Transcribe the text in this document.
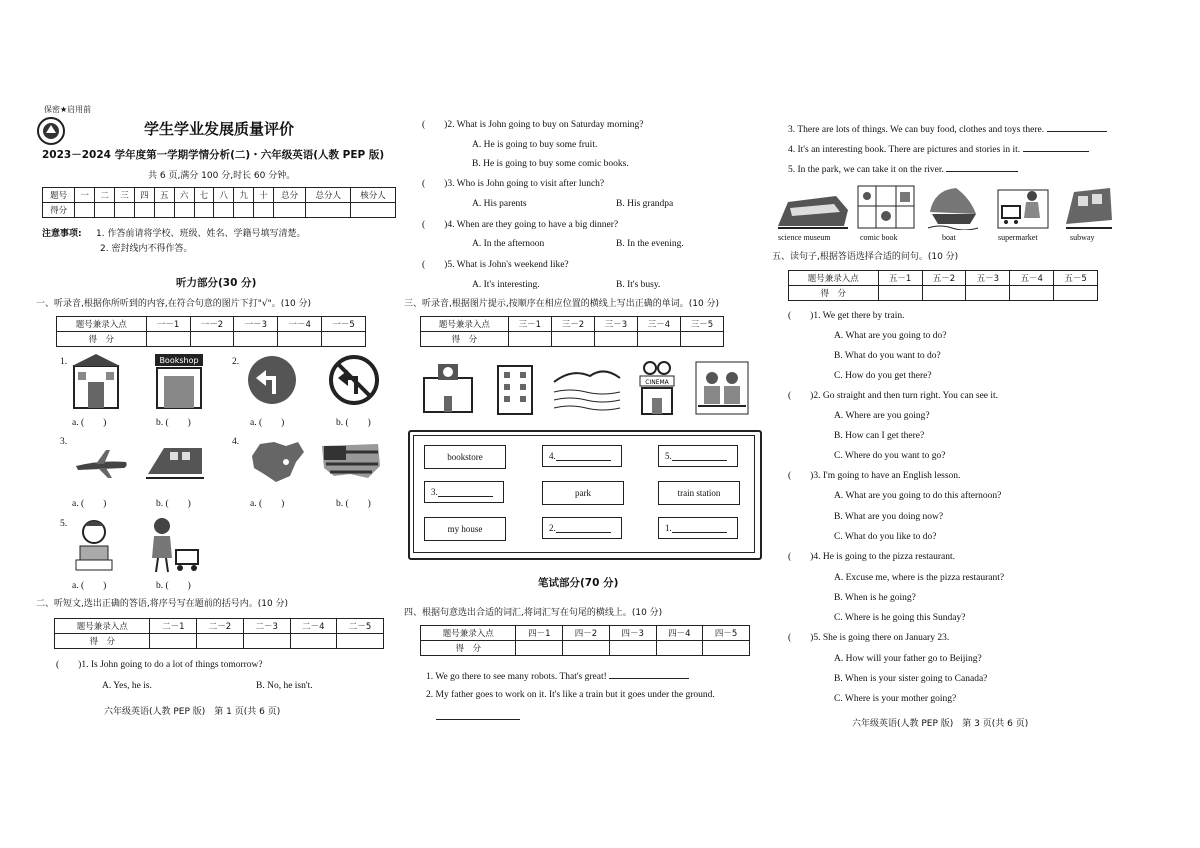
保密★启用前
学生学业发展质量评价
2023－2024 学年度第一学期学情分析(二)・六年级英语(人教 PEP 版)
共 6 页,满分 100 分,时长 60 分钟。
题号	一	二	三	四	五	六	七	八	九	十	总分	总分人	核分人
得分													
注意事项: 1. 作答前请将学校、班级、姓名、学籍号填写清楚。
2. 密封线内不得作答。
听力部分(30 分)
一、听录音,根据你所听到的内容,在符合句意的图片下打"√"。(10 分)
题号兼录入点	一－1	一－2	一－3	一－4	一－5
得　分					
1.	Bookshop	2.
a. (　　)	b. (　　)	a. (　　)	b. (　　)
3.	4.
a. (　　)	b. (　　)	a. (　　)	b. (　　)
5.
a. (　　)	b. (　　)
二、听短文,选出正确的答语,将序号写在题前的括号内。(10 分)
题号兼录入点	二－1	二－2	二－3	二－4	二－5
得　分					
(　　)1. Is John going to do a lot of things tomorrow?
A. Yes, he is.	B. No, he isn't.
六年级英语(人教 PEP 版)　第 1 页(共 6 页)
(　　)2. What is John going to buy on Saturday morning?
A. He is going to buy some fruit.
B. He is going to buy some comic books.
(　　)3. Who is John going to visit after lunch?
A. His parents	B. His grandpa
(　　)4. When are they going to have a big dinner?
A. In the afternoon	B. In the evening.
(　　)5. What is John's weekend like?
A. It's interesting.	B. It's busy.
三、听录音,根据图片提示,按顺序在相应位置的横线上写出正确的单词。(10 分)
题号兼录入点	三－1	三－2	三－3	三－4	三－5
得　分					
CINEMA
bookstore	4.	5.
3.	park	train station
my house	2.	1.
笔试部分(70 分)
四、根据句意选出合适的词汇,将词汇写在句尾的横线上。(10 分)
题号兼录入点	四－1	四－2	四－3	四－4	四－5
得　分					
1. We go there to see many robots. That's great!
2. My father goes to work on it. It's like a train but it goes under the ground.
3. There are lots of things. We can buy food, clothes and toys there.
4. It's an interesting book. There are pictures and stories in it.
5. In the park, we can take it on the river.
science museum	comic book	boat	supermarket	subway
五、读句子,根据答语选择合适的问句。(10 分)
题号兼录入点	五－1	五－2	五－3	五－4	五－5
得　分					
(　　)1. We get there by train.
A. What are you going to do?
B. What do you want to do?
C. How do you get there?
(　　)2. Go straight and then turn right. You can see it.
A. Where are you going?
B. How can I get there?
C. Where do you want to go?
(　　)3. I'm going to have an English lesson.
A. What are you going to do this afternoon?
B. What are you doing now?
C. What do you like to do?
(　　)4. He is going to the pizza restaurant.
A. Excuse me, where is the pizza restaurant?
B. When is he going?
C. Where is he going this Sunday?
(　　)5. She is going there on January 23.
A. How will your father go to Beijing?
B. When is your sister going to Canada?
C. Where is your mother going?
六年级英语(人教 PEP 版)　第 3 页(共 6 页)
